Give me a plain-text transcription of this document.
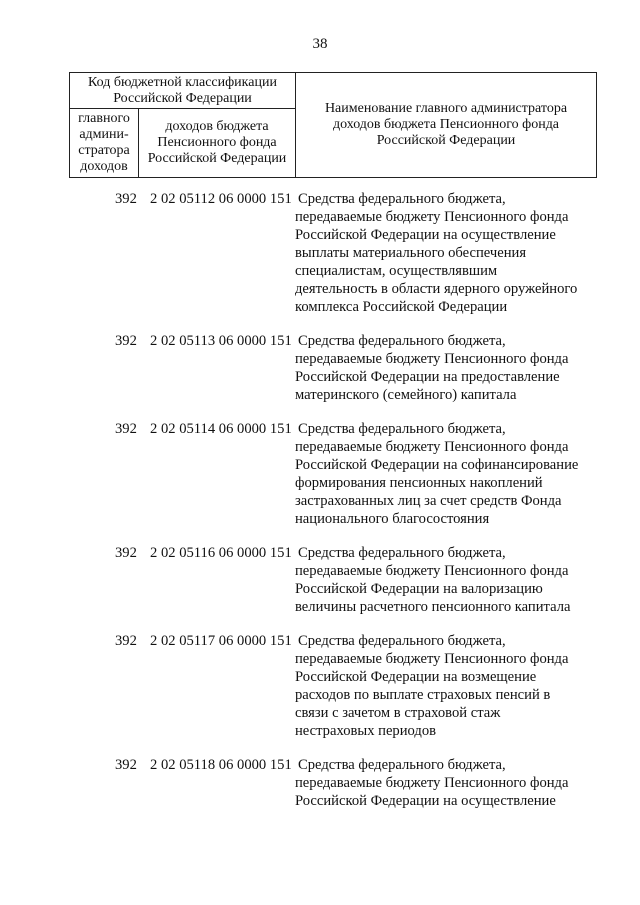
38
Код бюджетной классификации
Российской Федерации
главного
админи-
стратора
доходов
доходов бюджета
Пенсионного фонда
Российской Федерации
Наименование главного администратора
доходов бюджета Пенсионного фонда
Российской Федерации
392 2 02 05112 06 0000 151 Средства федерального бюджета,
передаваемые бюджету Пенсионного фонда
Российской Федерации на осуществление
выплаты материального обеспечения
специалистам, осуществлявшим
деятельность в области ядерного оружейного
комплекса Российской Федерации
392 2 02 05113 06 0000 151 Средства федерального бюджета,
передаваемые бюджету Пенсионного фонда
Российской Федерации на предоставление
материнского (семейного) капитала
392 2 02 05114 06 0000 151 Средства федерального бюджета,
передаваемые бюджету Пенсионного фонда
Российской Федерации на софинансирование
формирования пенсионных накоплений
застрахованных лиц за счет средств Фонда
национального благосостояния
392 2 02 05116 06 0000 151 Средства федерального бюджета,
передаваемые бюджету Пенсионного фонда
Российской Федерации на валоризацию
величины расчетного пенсионного капитала
392 2 02 05117 06 0000 151 Средства федерального бюджета,
передаваемые бюджету Пенсионного фонда
Российской Федерации на возмещение
расходов по выплате страховых пенсий в
связи с зачетом в страховой стаж
нестраховых периодов
392 2 02 05118 06 0000 151 Средства федерального бюджета,
передаваемые бюджету Пенсионного фонда
Российской Федерации на осуществление
